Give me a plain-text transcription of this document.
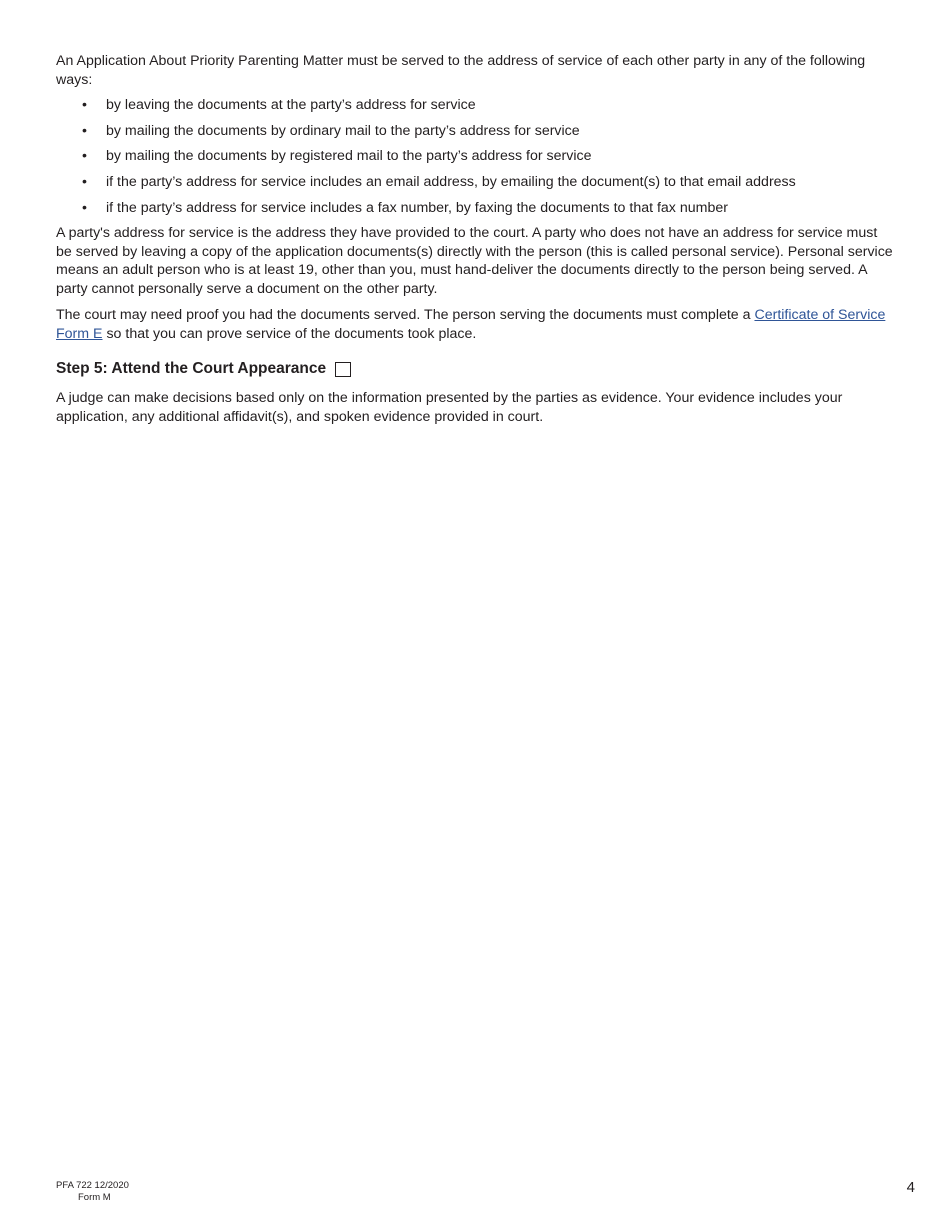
An Application About Priority Parenting Matter must be served to the address of service of each other party in any of the following ways:

• by leaving the documents at the party’s address for service
• by mailing the documents by ordinary mail to the party’s address for service
• by mailing the documents by registered mail to the party’s address for service
• if the party’s address for service includes an email address, by emailing the document(s) to that email address
• if the party’s address for service includes a fax number, by faxing the documents to that fax number

A party's address for service is the address they have provided to the court. A party who does not have an address for service must be served by leaving a copy of the application documents(s) directly with the person (this is called personal service). Personal service means an adult person who is at least 19, other than you, must hand-deliver the documents directly to the person being served. A party cannot personally serve a document on the other party.

The court may need proof you had the documents served. The person serving the documents must complete a Certificate of Service Form E so that you can prove service of the documents took place.

Step 5: Attend the Court Appearance

A judge can make decisions based only on the information presented by the parties as evidence. Your evidence includes your application, any additional affidavit(s), and spoken evidence provided in court.

PFA 722 12/2020
Form M
4
